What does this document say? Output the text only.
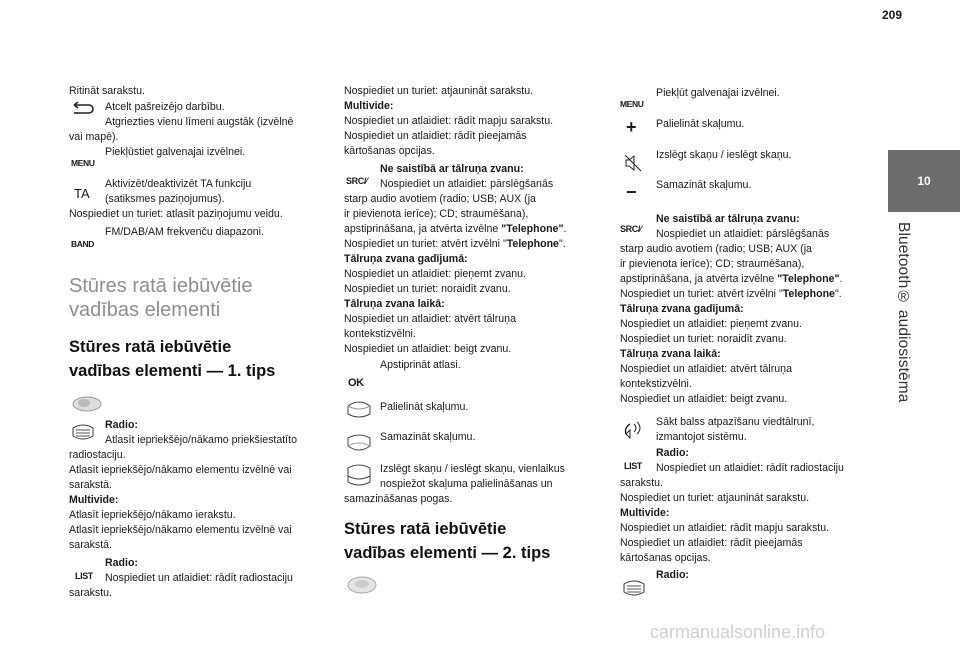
209
10
Bluetooth® audiosistēma
Ritināt sarakstu.
Atcelt pašreizējo darbību.
Atgriezties vienu līmeni augstāk (izvēlnē
vai mapē).
MENU
Piekļūstiet galvenajai izvēlnei.
TA
Aktivizēt/deaktivizēt TA funkciju
(satiksmes paziņojumus).
Nospiediet un turiet: atlasīt paziņojumu veidu.
BAND
FM/DAB/AM frekvenču diapazoni.
Stūres ratā iebūvētie
vadības elementi
Stūres ratā iebūvētie
vadības elementi — 1. tips
Radio:
Atlasīt iepriekšējo/nākamo priekšiestatīto
radiostaciju.
Atlasīt iepriekšējo/nākamo elementu izvēlnē vai
sarakstā.
Multivide:
Atlasīt iepriekšējo/nākamo ierakstu.
Atlasīt iepriekšējo/nākamo elementu izvēlnē vai
sarakstā.
LIST
Radio:
Nospiediet un atlaidiet: rādīt radiostaciju
sarakstu.
Nospiediet un turiet: atjaunināt sarakstu.
Multivide:
Nospiediet un atlaidiet: rādīt mapju sarakstu.
Nospiediet un atlaidiet: rādīt pieejamās
kārtošanas opcijas.
SRC/⁄
Ne saistībā ar tālruņa zvanu:
Nospiediet un atlaidiet: pārslēgšanās
starp audio avotiem (radio; USB; AUX (ja
ir pievienota ierīce); CD; straumēšana),
apstiprināšana, ja atvērta izvēlne "Telephone".
Nospiediet un turiet: atvērt izvēlni "Telephone".
Tālruņa zvana gadījumā:
Nospiediet un atlaidiet: pieņemt zvanu.
Nospiediet un turiet: noraidīt zvanu.
Tālruņa zvana laikā:
Nospiediet un atlaidiet: atvērt tālruņa
kontekstizvēlni.
Nospiediet un atlaidiet: beigt zvanu.
OK
Apstiprināt atlasi.
Palielināt skaļumu.
Samazināt skaļumu.
Izslēgt skaņu / ieslēgt skaņu, vienlaikus
nospiežot skaļuma palielināšanas un
samazināšanas pogas.
Stūres ratā iebūvētie
vadības elementi — 2. tips
MENU
Piekļūt galvenajai izvēlnei.
+ Palielināt skaļumu.
Izslēgt skaņu / ieslēgt skaņu.
− Samazināt skaļumu.
SRC/⁄
Ne saistībā ar tālruņa zvanu:
Nospiediet un atlaidiet: pārslēgšanās
starp audio avotiem (radio; USB; AUX (ja
ir pievienota ierīce); CD; straumēšana),
apstiprināšana, ja atvērta izvēlne "Telephone".
Nospiediet un turiet: atvērt izvēlni "Telephone".
Tālruņa zvana gadījumā:
Nospiediet un atlaidiet: pieņemt zvanu.
Nospiediet un turiet: noraidīt zvanu.
Tālruņa zvana laikā:
Nospiediet un atlaidiet: atvērt tālruņa
kontekstizvēlni.
Nospiediet un atlaidiet: beigt zvanu.
Sākt balss atpazīšanu viedtālrunī,
izmantojot sistēmu.
LIST
Radio:
Nospiediet un atlaidiet: rādīt radiostaciju
sarakstu.
Nospiediet un turiet: atjaunināt sarakstu.
Multivide:
Nospiediet un atlaidiet: rādīt mapju sarakstu.
Nospiediet un atlaidiet: rādīt pieejamās
kārtošanas opcijas.
Radio:
carmanualsonline.info
